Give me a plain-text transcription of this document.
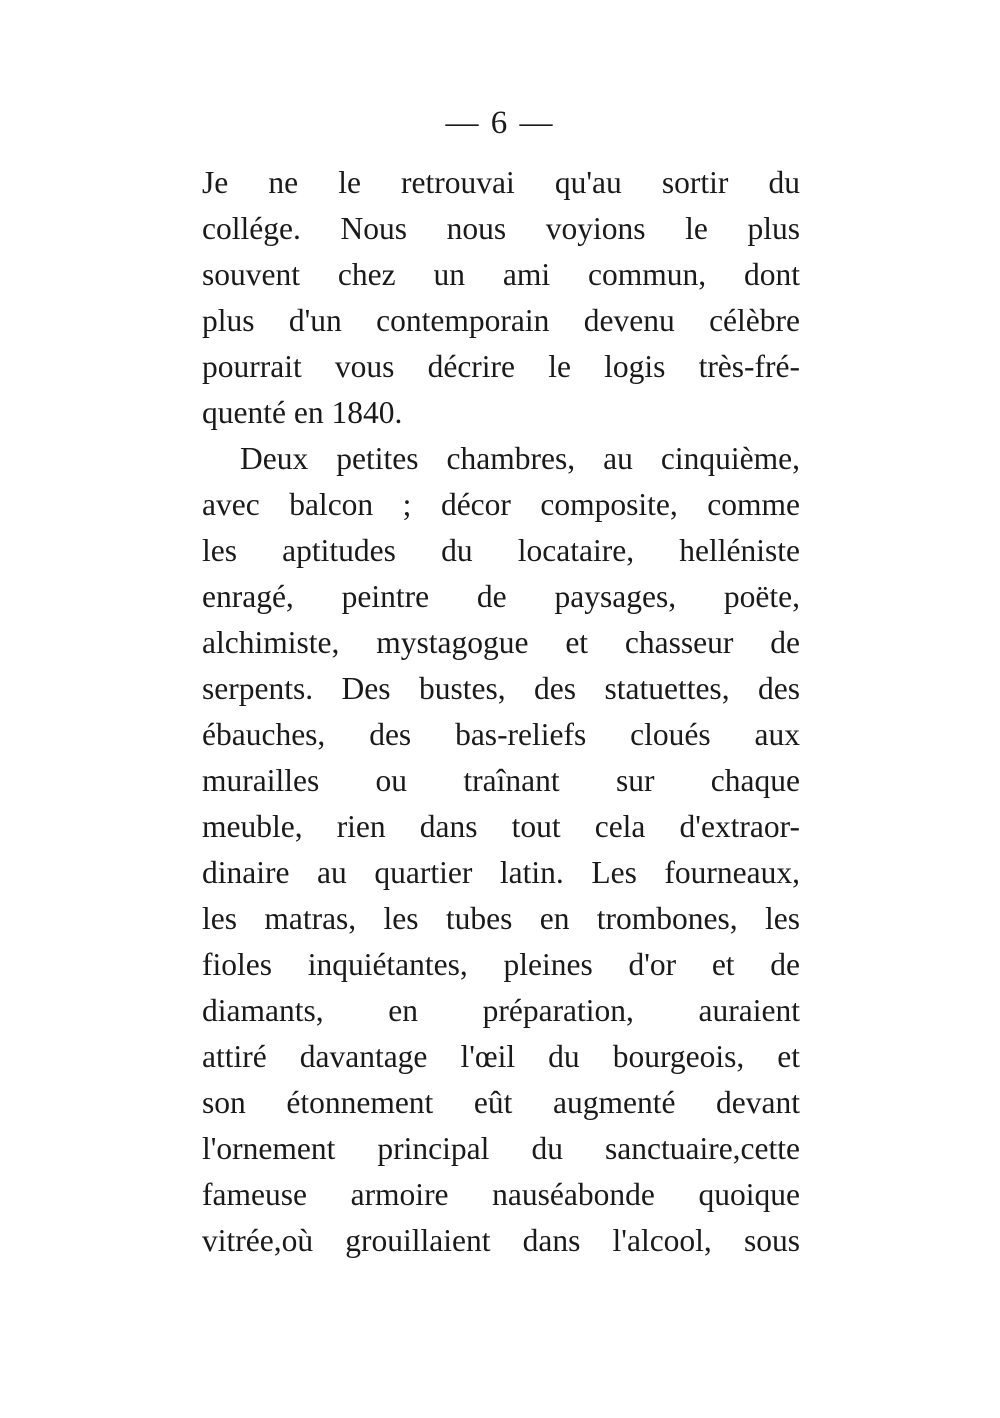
— 6 —
Je ne le retrouvai qu'au sortir du
collége. Nous nous voyions le plus
souvent chez un ami commun, dont
plus d'un contemporain devenu célèbre
pourrait vous décrire le logis très-fré-
quenté en 1840.
Deux petites chambres, au cinquième,
avec balcon ; décor composite, comme
les aptitudes du locataire, helléniste
enragé, peintre de paysages, poëte,
alchimiste, mystagogue et chasseur de
serpents. Des bustes, des statuettes, des
ébauches, des bas-reliefs cloués aux
murailles ou traînant sur chaque
meuble, rien dans tout cela d'extraor-
dinaire au quartier latin. Les fourneaux,
les matras, les tubes en trombones, les
fioles inquiétantes, pleines d'or et de
diamants, en préparation, auraient
attiré davantage l'œil du bourgeois, et
son étonnement eût augmenté devant
l'ornement principal du sanctuaire,cette
fameuse armoire nauséabonde quoique
vitrée,où grouillaient dans l'alcool, sous
